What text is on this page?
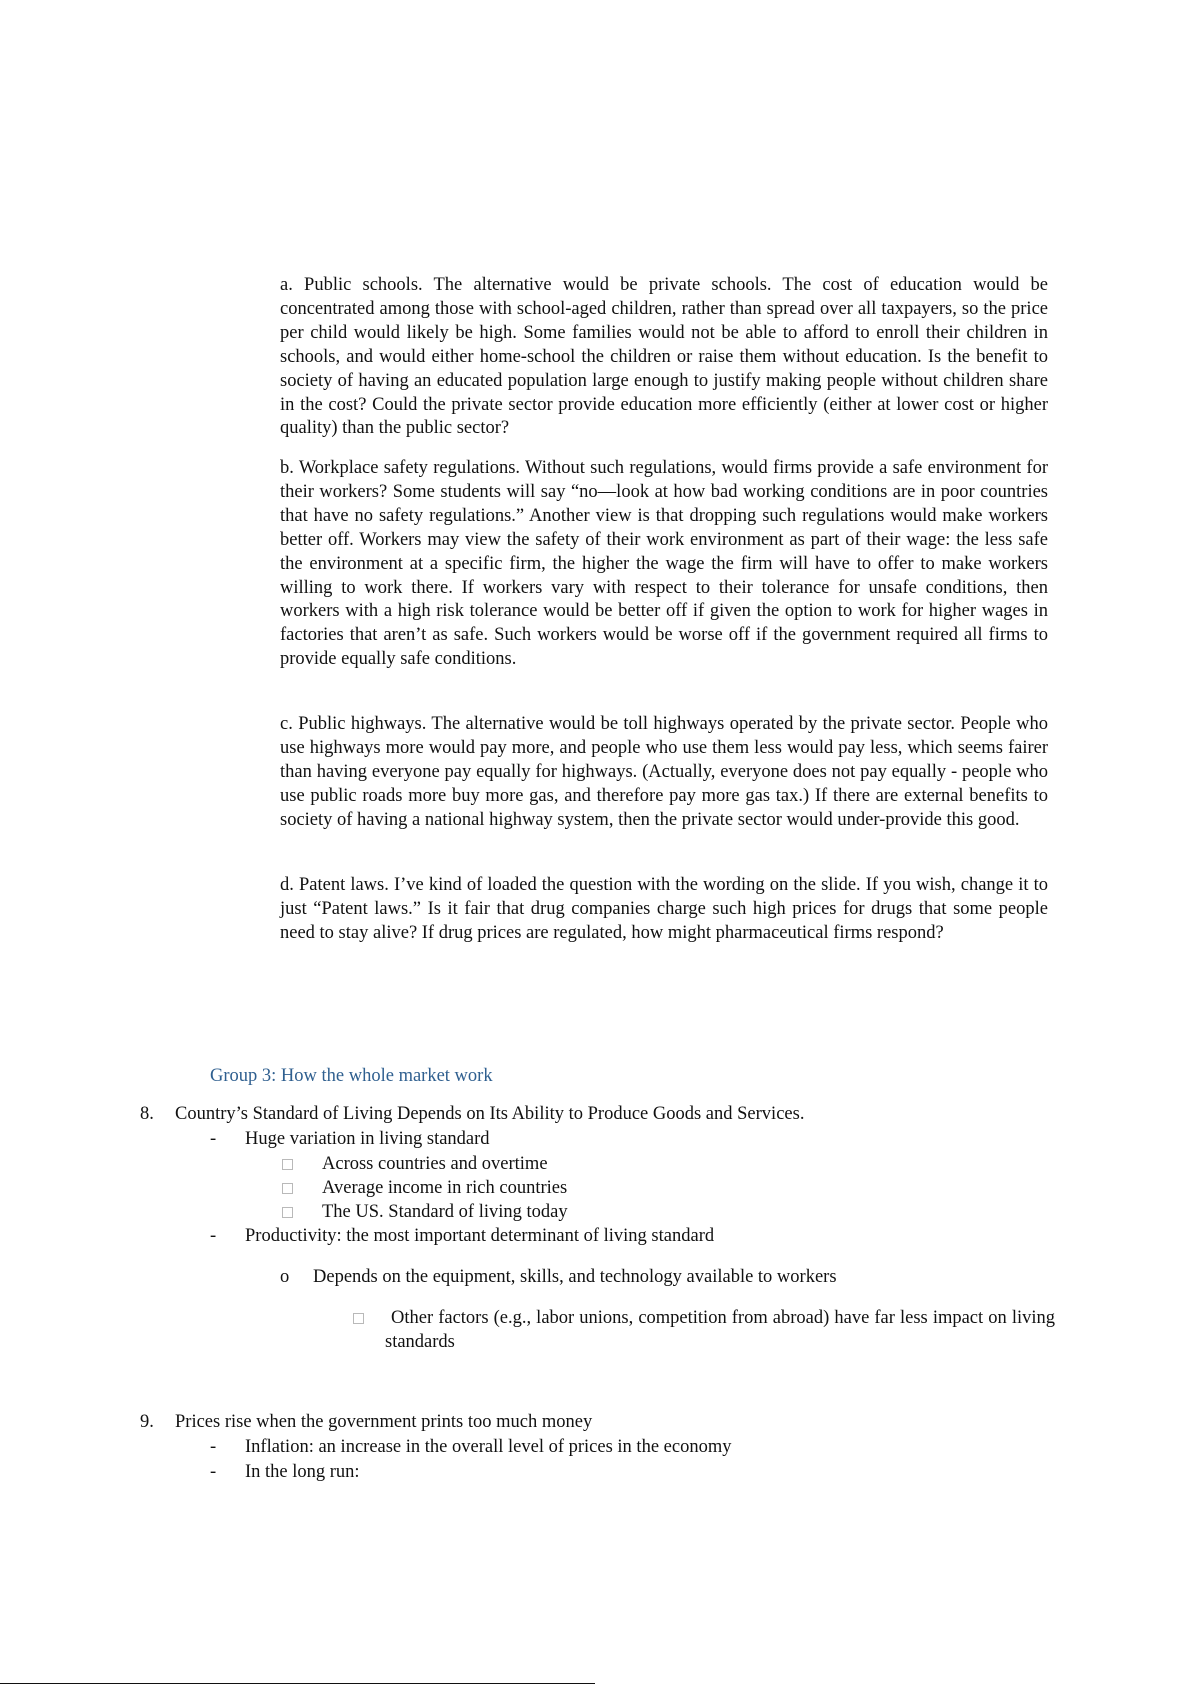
a. Public schools. The alternative would be private schools. The cost of education would be concentrated among those with school-aged children, rather than spread over all taxpayers, so the price per child would likely be high. Some families would not be able to afford to enroll their children in schools, and would either home-school the children or raise them without education. Is the benefit to society of having an educated population large enough to justify making people without children share in the cost? Could the private sector provide education more efficiently (either at lower cost or higher quality) than the public sector?

b. Workplace safety regulations. Without such regulations, would firms provide a safe environment for their workers? Some students will say “no—look at how bad working conditions are in poor countries that have no safety regulations.” Another view is that dropping such regulations would make workers better off. Workers may view the safety of their work environment as part of their wage: the less safe the environment at a specific firm, the higher the wage the firm will have to offer to make workers willing to work there. If workers vary with respect to their tolerance for unsafe conditions, then workers with a high risk tolerance would be better off if given the option to work for higher wages in factories that aren’t as safe. Such workers would be worse off if the government required all firms to provide equally safe conditions.

c. Public highways. The alternative would be toll highways operated by the private sector. People who use highways more would pay more, and people who use them less would pay less, which seems fairer than having everyone pay equally for highways. (Actually, everyone does not pay equally - people who use public roads more buy more gas, and therefore pay more gas tax.) If there are external benefits to society of having a national highway system, then the private sector would under-provide this good.

d. Patent laws. I’ve kind of loaded the question with the wording on the slide. If you wish, change it to just “Patent laws.” Is it fair that drug companies charge such high prices for drugs that some people need to stay alive? If drug prices are regulated, how might pharmaceutical firms respond?

Group 3: How the whole market work
8. Country’s Standard of Living Depends on Its Ability to Produce Goods and Services.
- Huge variation in living standard
Across countries and overtime
Average income in rich countries
The US. Standard of living today
- Productivity: the most important determinant of living standard
o Depends on the equipment, skills, and technology available to workers
Other factors (e.g., labor unions, competition from abroad) have far less impact on living standards
9. Prices rise when the government prints too much money
- Inflation: an increase in the overall level of prices in the economy
- In the long run:
